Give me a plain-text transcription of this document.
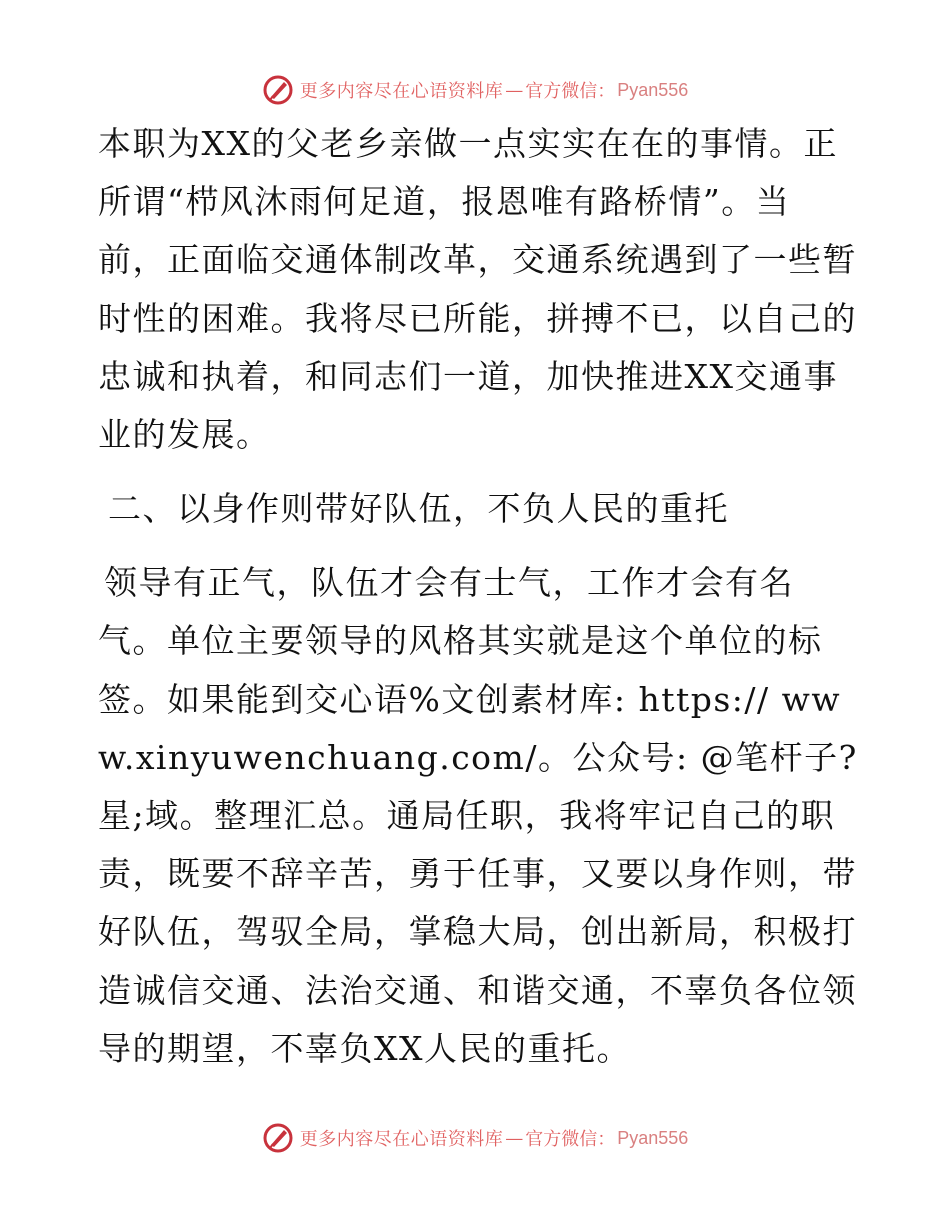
更多内容尽在心语资料库 — 官方微信： Pyan556

本职为XX的父老乡亲做一点实实在在的事情。正所谓“栉风沐雨何足道，报恩唯有路桥情”。当前，正面临交通体制改革，交通系统遇到了一些暂时性的困难。我将尽已所能，拼搏不已，以自己的忠诚和执着，和同志们一道，加快推进XX交通事业的发展。

二、以身作则带好队伍，不负人民的重托

领导有正气，队伍才会有士气，工作才会有名气。单位主要领导的风格其实就是这个单位的标签。如果能到交心语%文创素材库: https:// www.xinyuwenchuang.com/。公众号: @笔杆子?星;域。整理汇总。通局任职，我将牢记自己的职责，既要不辞辛苦，勇于任事，又要以身作则，带好队伍，驾驭全局，掌稳大局，创出新局，积极打造诚信交通、法治交通、和谐交通，不辜负各位领导的期望，不辜负XX人民的重托。

更多内容尽在心语资料库 — 官方微信： Pyan556
